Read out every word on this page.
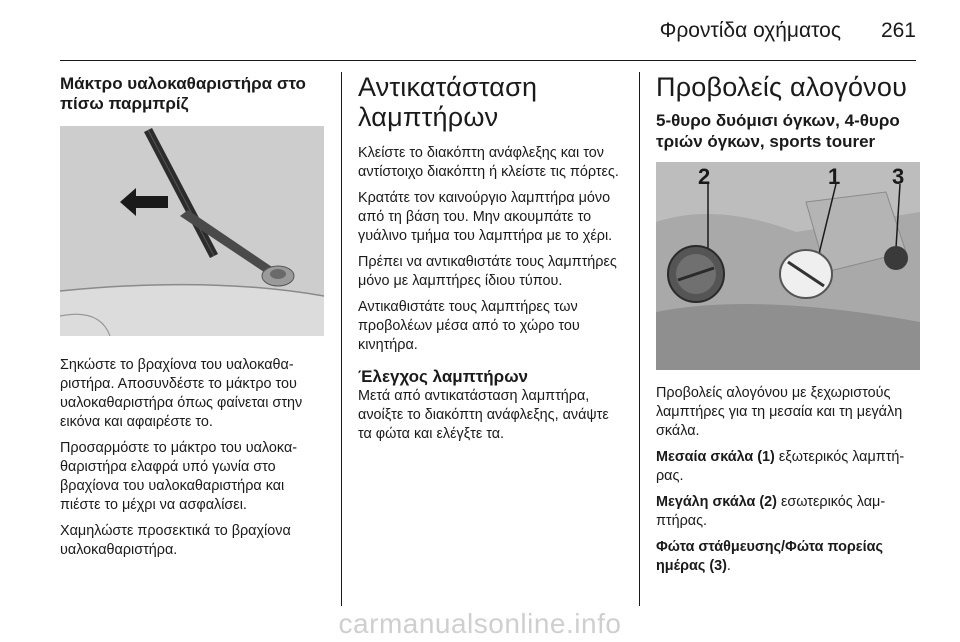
Φροντίδα οχήματος 261
Μάκτρο υαλοκαθαριστήρα στο πίσω παρμπρίζ

Σηκώστε το βραχίονα του υαλοκαθαριστήρα. Αποσυνδέστε το μάκτρο του υαλοκαθαριστήρα όπως φαίνεται στην εικόνα και αφαιρέστε το.

Προσαρμόστε το μάκτρο του υαλοκαθαριστήρα ελαφρά υπό γωνία στο βραχίονα του υαλοκαθαριστήρα και πιέστε το μέχρι να ασφαλίσει.

Χαμηλώστε προσεκτικά το βραχίονα υαλοκαθαριστήρα.

Αντικατάσταση λαμπτήρων

Κλείστε το διακόπτη ανάφλεξης και τον αντίστοιχο διακόπτη ή κλείστε τις πόρτες.

Κρατάτε τον καινούργιο λαμπτήρα μόνο από τη βάση του. Μην ακουμπάτε το γυάλινο τμήμα του λαμπτήρα με το χέρι.

Πρέπει να αντικαθιστάτε τους λαμπτήρες μόνο με λαμπτήρες ίδιου τύπου.

Αντικαθιστάτε τους λαμπτήρες των προβολέων μέσα από το χώρο του κινητήρα.

Έλεγχος λαμπτήρων

Μετά από αντικατάσταση λαμπτήρα, ανοίξτε το διακόπτη ανάφλεξης, ανάψτε τα φώτα και ελέγξτε τα.

Προβολείς αλογόνου
5-θυρο δυόμισι όγκων, 4-θυρο τριών όγκων, sports tourer
2	1 3

Προβολείς αλογόνου με ξεχωριστούς λαμπτήρες για τη μεσαία και τη μεγάλη σκάλα.

Μεσαία σκάλα (1) εξωτερικός λαμπτήρας.

Μεγάλη σκάλα (2) εσωτερικός λαμπτήρας.

Φώτα στάθμευσης/Φώτα πορείας ημέρας (3).

carmanualsonline.info
